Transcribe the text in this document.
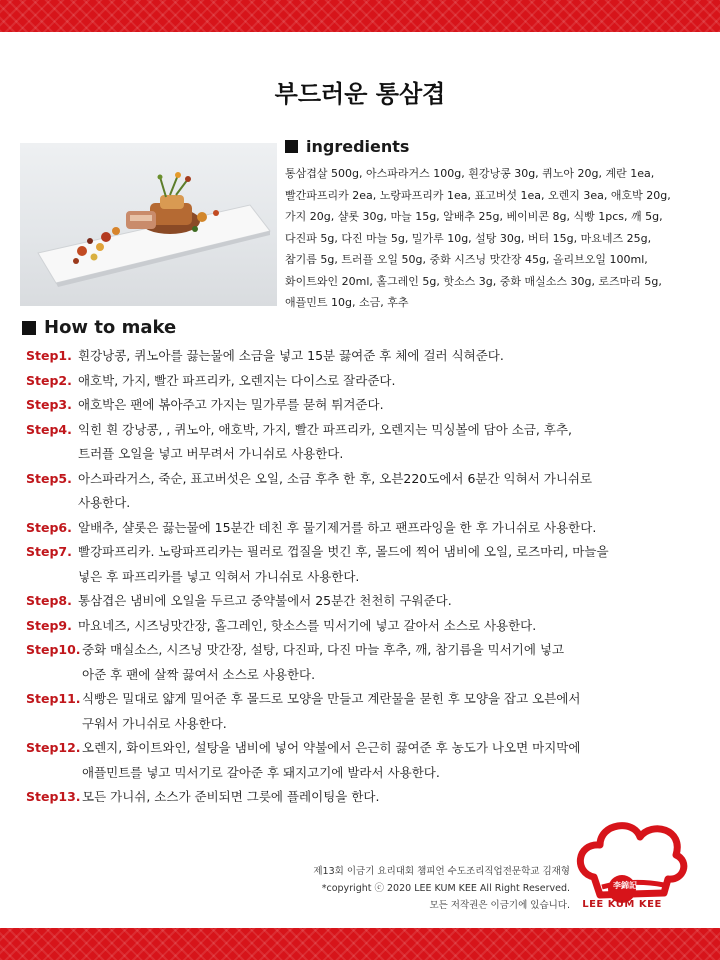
부드러운 통삼겹
ingredients
통삼겹살 500g, 아스파라거스 100g, 흰강낭콩 30g, 퀴노아 20g, 계란 1ea,
빨간파프리카 2ea, 노랑파프리카 1ea, 표고버섯 1ea, 오렌지 3ea, 애호박 20g,
가지 20g, 샬롯 30g, 마늘 15g, 알배추 25g, 베이비콘 8g, 식빵 1pcs, 깨 5g,
다진파 5g, 다진 마늘 5g, 밀가루 10g, 설탕 30g, 버터 15g, 마요네즈 25g,
참기름 5g, 트러플 오일 50g, 중화 시즈닝 맛간장 45g, 올리브오일 100ml,
화이트와인 20ml, 홀그레인 5g, 핫소스 3g, 중화 매실소스 30g, 로즈마리 5g,
애플민트 10g, 소금, 후추
How to make
Step1. 흰강낭콩, 퀴노아를 끓는물에 소금을 넣고 15분 끓여준 후 체에 걸러 식혀준다.
Step2. 애호박, 가지, 빨간 파프리카, 오렌지는 다이스로 잘라준다.
Step3. 애호박은 팬에 볶아주고 가지는 밀가루를 묻혀 튀겨준다.
Step4. 익힌 흰 강낭콩, , 퀴노아, 애호박, 가지, 빨간 파프리카, 오렌지는 믹싱볼에 담아 소금, 후추,
트러플 오일을 넣고 버무려서 가니쉬로 사용한다.
Step5. 아스파라거스, 죽순, 표고버섯은 오일, 소금 후추 한 후, 오븐220도에서 6분간 익혀서 가니쉬로
사용한다.
Step6. 알배추, 샬롯은 끓는물에 15분간 데친 후 물기제거를 하고 팬프라잉을 한 후 가니쉬로 사용한다.
Step7. 빨강파프리카. 노랑파프리카는 필러로 껍질을 벗긴 후, 몰드에 찍어 냄비에 오일, 로즈마리, 마늘을
넣은 후 파프리카를 넣고 익혀서 가니쉬로 사용한다.
Step8. 통삼겹은 냄비에 오일을 두르고 중약불에서 25분간 천천히 구워준다.
Step9. 마요네즈, 시즈닝맛간장, 홀그레인, 핫소스를 믹서기에 넣고 갈아서 소스로 사용한다.
Step10. 중화 매실소스, 시즈닝 맛간장, 설탕, 다진파, 다진 마늘 후추, 깨, 참기름을 믹서기에 넣고
아준 후 팬에 살짝 끓여서 소스로 사용한다.
Step11. 식빵은 밀대로 얇게 밀어준 후 몰드로 모양을 만들고 계란물을 묻힌 후 모양을 잡고 오븐에서
구워서 가니쉬로 사용한다.
Step12. 오렌지, 화이트와인, 설탕을 냄비에 넣어 약불에서 은근히 끓여준 후 농도가 나오면 마지막에
애플민트를 넣고 믹서기로 갈아준 후 돼지고기에 발라서 사용한다.
Step13. 모든 가니쉬, 소스가 준비되면 그릇에 플레이팅을 한다.
제13회 이금기 요리대회 챔피언 수도조리직업전문학교 김재형
*copyright ⓒ 2020 LEE KUM KEE All Right Reserved.
모든 저작권은 이금기에 있습니다.
李錦記
LEE KUM KEE
